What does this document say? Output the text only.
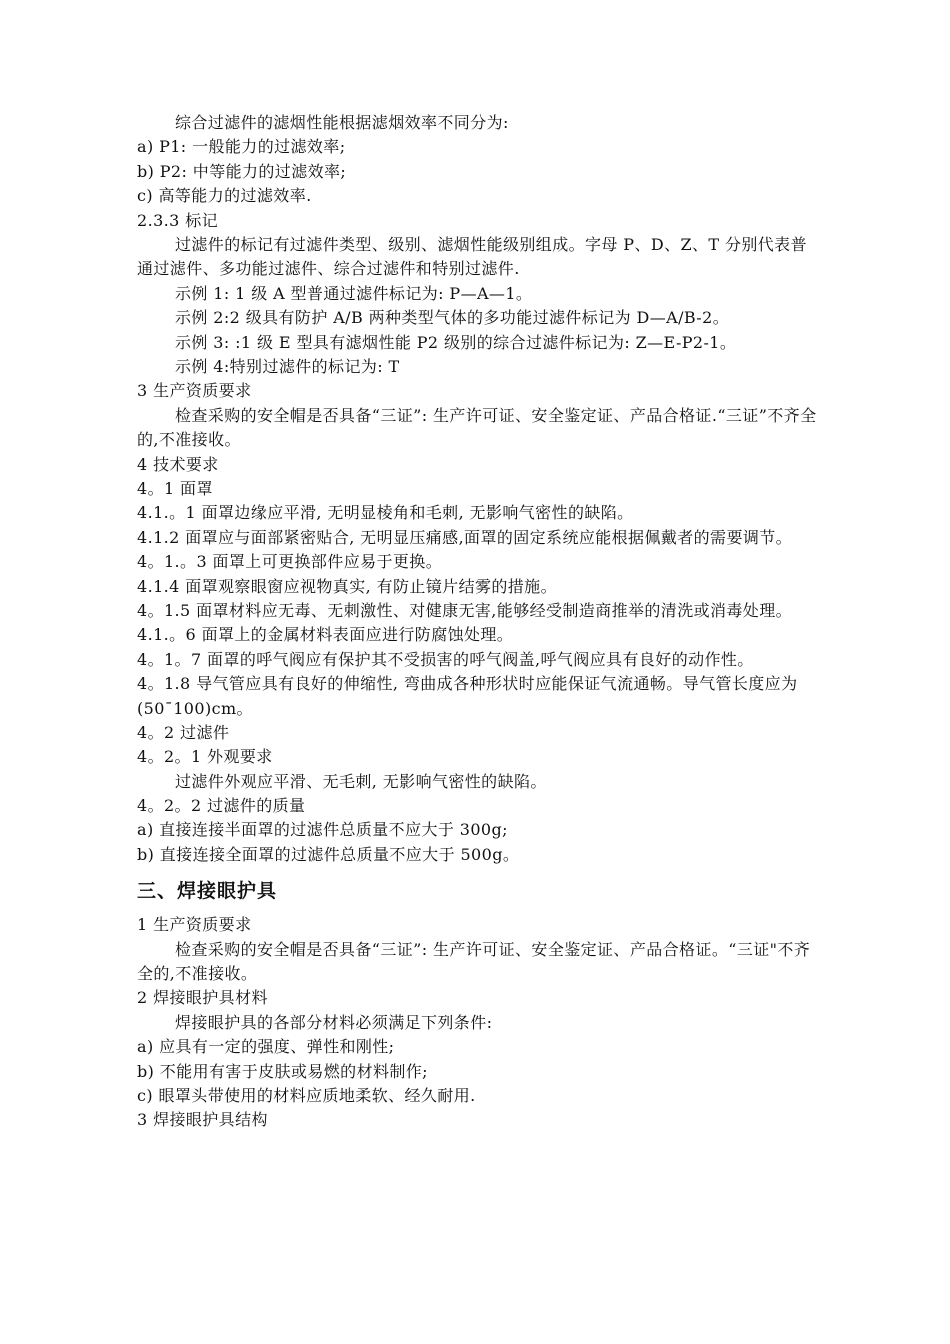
综合过滤件的滤烟性能根据滤烟效率不同分为:
a) P1: 一般能力的过滤效率;
b) P2: 中等能力的过滤效率;
c) 高等能力的过滤效率.
2.3.3 标记
过滤件的标记有过滤件类型、级别、滤烟性能级别组成。字母 P、D、Z、T 分别代表普通过滤件、多功能过滤件、综合过滤件和特别过滤件.
示例 1: 1 级 A 型普通过滤件标记为: P—A—1。
示例 2:2 级具有防护 A/B 两种类型气体的多功能过滤件标记为 D—A/B-2。
示例 3: :1 级 E 型具有滤烟性能 P2 级别的综合过滤件标记为: Z—E-P2-1。
示例 4:特别过滤件的标记为: T
3 生产资质要求
检查采购的安全帽是否具备“三证”: 生产许可证、安全鉴定证、产品合格证.“三证”不齐全的,不准接收。
4 技术要求
4。1 面罩
4.1.。1 面罩边缘应平滑, 无明显棱角和毛刺, 无影响气密性的缺陷。
4.1.2 面罩应与面部紧密贴合, 无明显压痛感,面罩的固定系统应能根据佩戴者的需要调节。
4。1.。3 面罩上可更换部件应易于更换。
4.1.4 面罩观察眼窗应视物真实, 有防止镜片结雾的措施。
4。1.5 面罩材料应无毒、无刺激性、对健康无害,能够经受制造商推举的清洗或消毒处理。
4.1.。6 面罩上的金属材料表面应进行防腐蚀处理。
4。1。7 面罩的呼气阀应有保护其不受损害的呼气阀盖,呼气阀应具有良好的动作性。
4。1.8 导气管应具有良好的伸缩性, 弯曲成各种形状时应能保证气流通畅。导气管长度应为 (50¯100)cm。
4。2 过滤件
4。2。1 外观要求
过滤件外观应平滑、无毛刺, 无影响气密性的缺陷。
4。2。2 过滤件的质量
a) 直接连接半面罩的过滤件总质量不应大于 300g;
b) 直接连接全面罩的过滤件总质量不应大于 500g。
三、焊接眼护具
1 生产资质要求
检查采购的安全帽是否具备“三证”: 生产许可证、安全鉴定证、产品合格证。“三证"不齐全的,不准接收。
2 焊接眼护具材料
焊接眼护具的各部分材料必须满足下列条件:
a) 应具有一定的强度、弹性和刚性;
b) 不能用有害于皮肤或易燃的材料制作;
c) 眼罩头带使用的材料应质地柔软、经久耐用.
3 焊接眼护具结构
